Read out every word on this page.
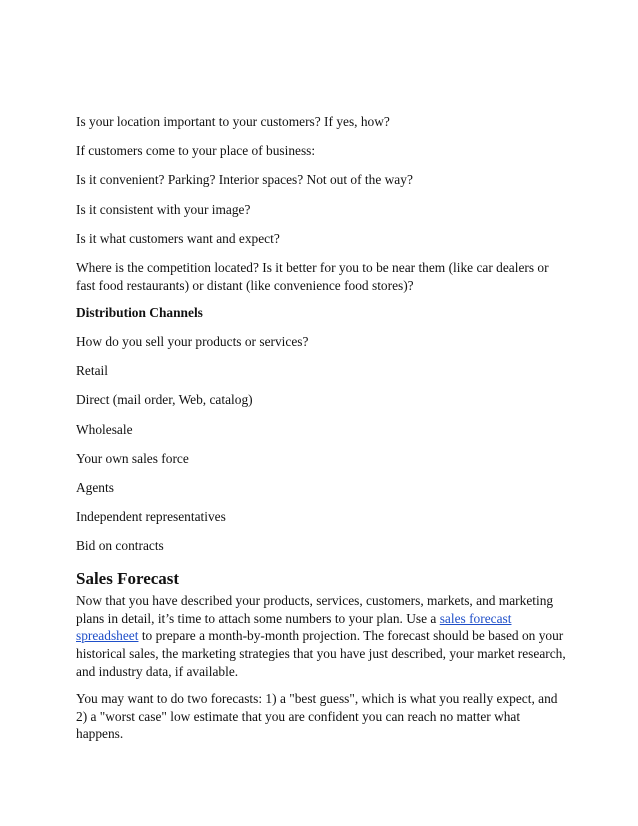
Is your location important to your customers? If yes, how?

If customers come to your place of business:

Is it convenient? Parking? Interior spaces? Not out of the way?

Is it consistent with your image?

Is it what customers want and expect?

Where is the competition located? Is it better for you to be near them (like car dealers or fast food restaurants) or distant (like convenience food stores)?

Distribution Channels

How do you sell your products or services?

Retail

Direct (mail order, Web, catalog)

Wholesale

Your own sales force

Agents

Independent representatives

Bid on contracts

Sales Forecast

Now that you have described your products, services, customers, markets, and marketing plans in detail, it’s time to attach some numbers to your plan. Use a sales forecast spreadsheet to prepare a month-by-month projection. The forecast should be based on your historical sales, the marketing strategies that you have just described, your market research, and industry data, if available.

You may want to do two forecasts: 1) a "best guess", which is what you really expect, and 2) a "worst case" low estimate that you are confident you can reach no matter what happens.
